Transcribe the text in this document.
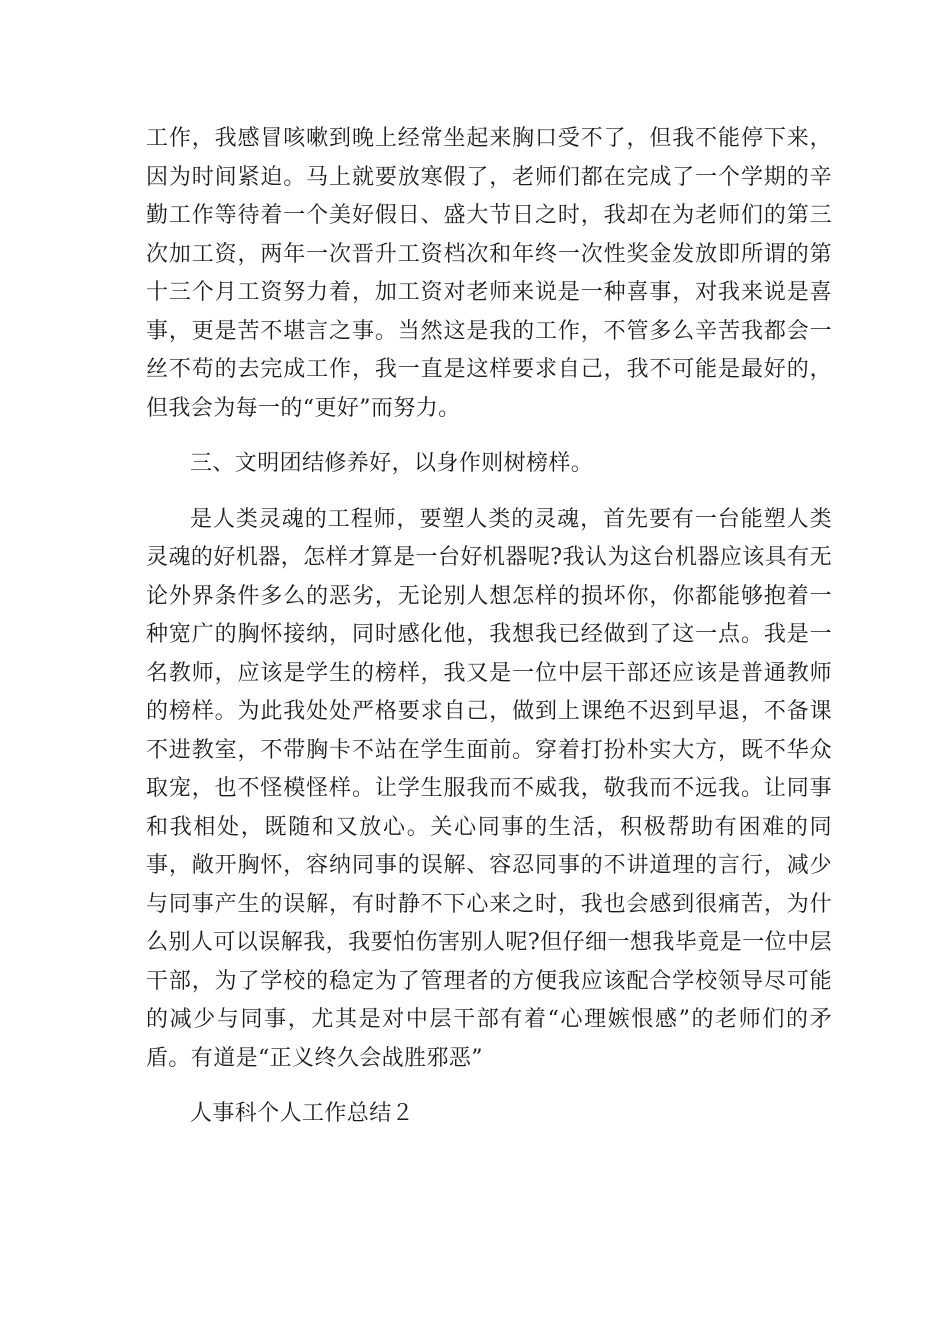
工作，我感冒咳嗽到晚上经常坐起来胸口受不了，但我不能停下来，因为时间紧迫。马上就要放寒假了，老师们都在完成了一个学期的辛勤工作等待着一个美好假日、盛大节日之时，我却在为老师们的第三次加工资，两年一次晋升工资档次和年终一次性奖金发放即所谓的第十三个月工资努力着，加工资对老师来说是一种喜事，对我来说是喜事，更是苦不堪言之事。当然这是我的工作，不管多么辛苦我都会一丝不苟的去完成工作，我一直是这样要求自己，我不可能是最好的，但我会为每一的“更好”而努力。

三、文明团结修养好，以身作则树榜样。

是人类灵魂的工程师，要塑人类的灵魂，首先要有一台能塑人类灵魂的好机器，怎样才算是一台好机器呢?我认为这台机器应该具有无论外界条件多么的恶劣，无论别人想怎样的损坏你，你都能够抱着一种宽广的胸怀接纳，同时感化他，我想我已经做到了这一点。我是一名教师，应该是学生的榜样，我又是一位中层干部还应该是普通教师的榜样。为此我处处严格要求自己，做到上课绝不迟到早退，不备课不进教室，不带胸卡不站在学生面前。穿着打扮朴实大方，既不华众取宠，也不怪模怪样。让学生服我而不威我，敬我而不远我。让同事和我相处，既随和又放心。关心同事的生活，积极帮助有困难的同事，敞开胸怀，容纳同事的误解、容忍同事的不讲道理的言行，减少与同事产生的误解，有时静不下心来之时，我也会感到很痛苦，为什么别人可以误解我，我要怕伤害别人呢?但仔细一想我毕竟是一位中层干部，为了学校的稳定为了管理者的方便我应该配合学校领导尽可能的减少与同事，尤其是对中层干部有着“心理嫉恨感”的老师们的矛盾。有道是“正义终久会战胜邪恶”

人事科个人工作总结２
